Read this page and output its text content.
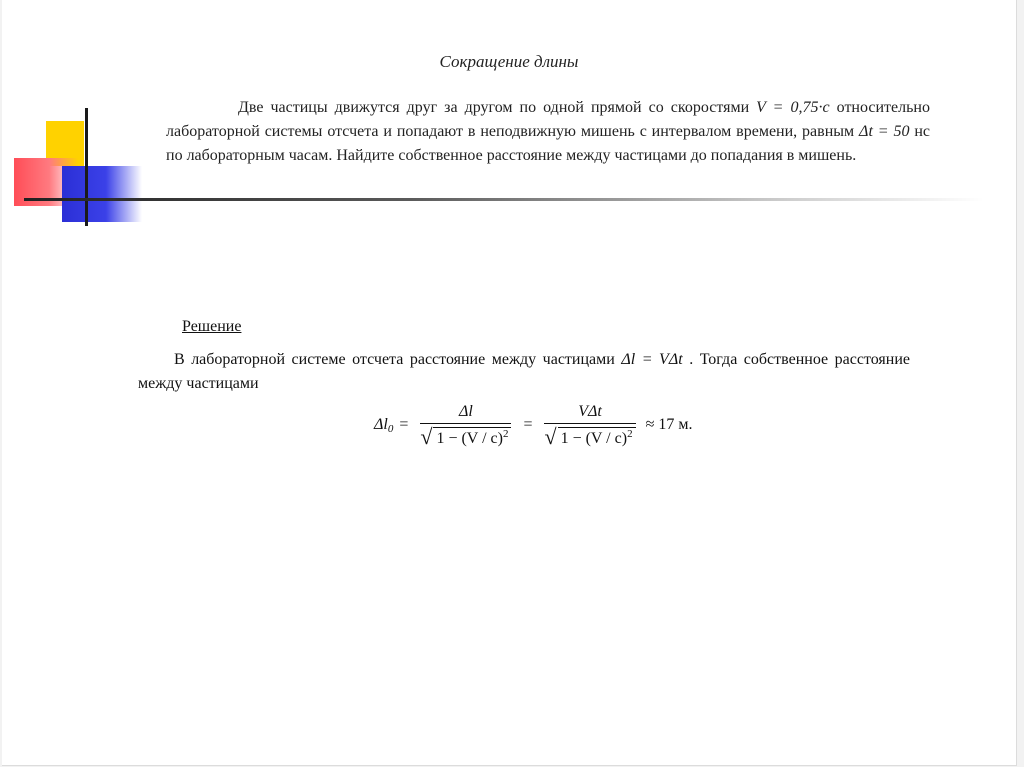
Сокращение длины
Две частицы движутся друг за другом по одной прямой со скоростями V = 0,75·c относительно лабораторной системы отсчета и попадают в неподвижную мишень с интервалом времени, равным Δt = 50 нс по лабораторным часам. Найдите собственное расстояние между частицами до попадания в мишень.
Решение
В лабораторной системе отсчета расстояние между частицами Δl = VΔt . Тогда собственное расстояние между частицами
$\Delta l_0 = \frac{\Delta l}{√ 1 - (V / c)^2} = \frac{\text{VΔt}}{√ 1 - (V / c)^2} \approx 17$ м.
